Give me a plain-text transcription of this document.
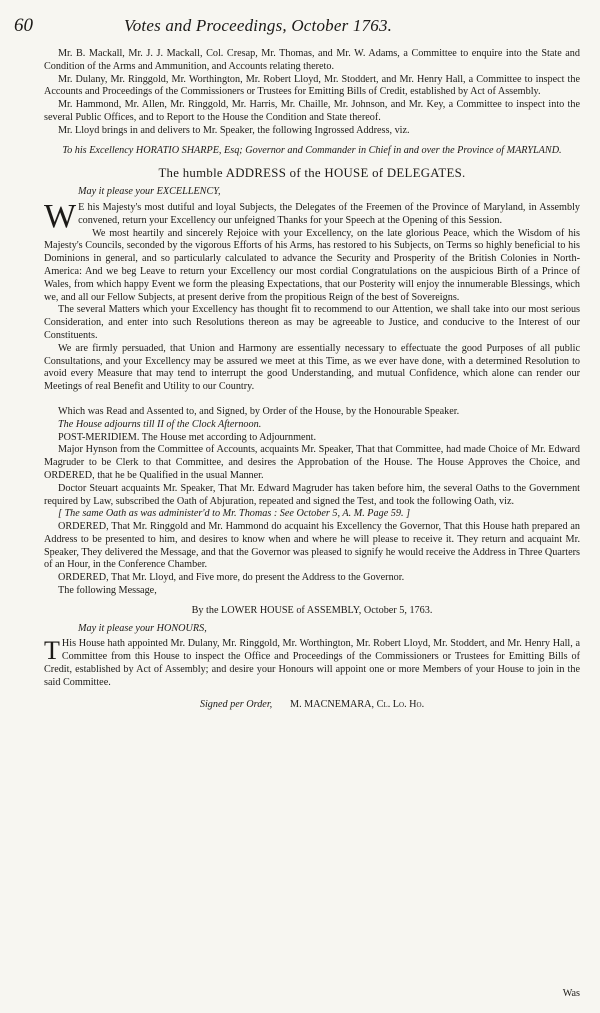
60	Votes and Proceedings, October 1763.

Mr. B. Mackall, Mr. J. J. Mackall, Col. Cresap, Mr. Thomas, and Mr. W. Adams, a Committee to enquire into the State and Condition of the Arms and Ammunition, and Accounts relating thereto.

Mr. Dulany, Mr. Ringgold, Mr. Worthington, Mr. Robert Lloyd, Mr. Stoddert, and Mr. Henry Hall, a Committee to inspect the Accounts and Proceedings of the Commissioners or Trustees for Emitting Bills of Credit, established by Act of Assembly.

Mr. Hammond, Mr. Allen, Mr. Ringgold, Mr. Harris, Mr. Chaille, Mr. Johnson, and Mr. Key, a Committee to inspect into the several Public Offices, and to Report to the House the Condition and State thereof.

Mr. Lloyd brings in and delivers to Mr. Speaker, the following Ingrossed Address, viz.

To his Excellency HORATIO SHARPE, Esq; Governor and Commander in Chief in and over the Province of MARYLAND.

The humble ADDRESS of the HOUSE of DELEGATES.

May it please your EXCELLENCY,

W E his Majesty's most dutiful and loyal Subjects, the Delegates of the Freemen of the Province of Maryland, in Assembly convened, return your Excellency our unfeigned Thanks for your Speech at the Opening of this Session.

We most heartily and sincerely Rejoice with your Excellency, on the late glorious Peace, which the Wisdom of his Majesty's Councils, seconded by the vigorous Efforts of his Arms, has restored to his Subjects, on Terms so highly beneficial to his Dominions in general, and so particularly calculated to advance the Security and Prosperity of the British Colonies in North-America: And we beg Leave to return your Excellency our most cordial Congratulations on the auspicious Birth of a Prince of Wales, from which happy Event we form the pleasing Expectations, that our Posterity will enjoy the innumerable Blessings, which we, and all our Fellow Subjects, at present derive from the propitious Reign of the best of Sovereigns.

The several Matters which your Excellency has thought fit to recommend to our Attention, we shall take into our most serious Consideration, and enter into such Resolutions thereon as may be agreeable to Justice, and conducive to the Interest of our Constituents.

We are firmly persuaded, that Union and Harmony are essentially necessary to effectuate the good Purposes of all public Consultations, and your Excellency may be assured we meet at this Time, as we ever have done, with a determined Resolution to avoid every Measure that may tend to interrupt the good Understanding, and mutual Confidence, which alone can render our Meetings of real Benefit and Utility to our Country.

Which was Read and Assented to, and Signed, by Order of the House, by the Honourable Speaker.

The House adjourns till II of the Clock Afternoon.

POST-MERIDIEM. The House met according to Adjournment.

Major Hynson from the Committee of Accounts, acquaints Mr. Speaker, That that Committee, had made Choice of Mr. Edward Magruder to be Clerk to that Committee, and desires the Approbation of the House. The House Approves the Choice, and ORDERED, that he be Qualified in the usual Manner.

Doctor Steuart acquaints Mr. Speaker, That Mr. Edward Magruder has taken before him, the several Oaths to the Government required by Law, subscribed the Oath of Abjuration, repeated and signed the Test, and took the following Oath, viz.

[ The same Oath as was administer'd to Mr. Thomas : See October 5, A. M. Page 59. ]

ORDERED, That Mr. Ringgold and Mr. Hammond do acquaint his Excellency the Governor, That this House hath prepared an Address to be presented to him, and desires to know when and where he will please to receive it. They return and acquaint Mr. Speaker, They delivered the Message, and that the Governor was pleased to signify he would receive the Address in Three Quarters of an Hour, in the Conference Chamber.

ORDERED, That Mr. Lloyd, and Five more, do present the Address to the Governor.

The following Message,

By the LOWER HOUSE of ASSEMBLY, October 5, 1763.

May it please your HONOURS,

T His House hath appointed Mr. Dulany, Mr. Ringgold, Mr. Worthington, Mr. Robert Lloyd, Mr. Stoddert, and Mr. Henry Hall, a Committee from this House to inspect the Office and Proceedings of the Commissioners or Trustees for Emitting Bills of Credit, established by Act of Assembly; and desire your Honours will appoint one or more Members of your House to join in the said Committee.

Signed per Order, M. MACNEMARA, Cl. Lo. Ho.

Was
